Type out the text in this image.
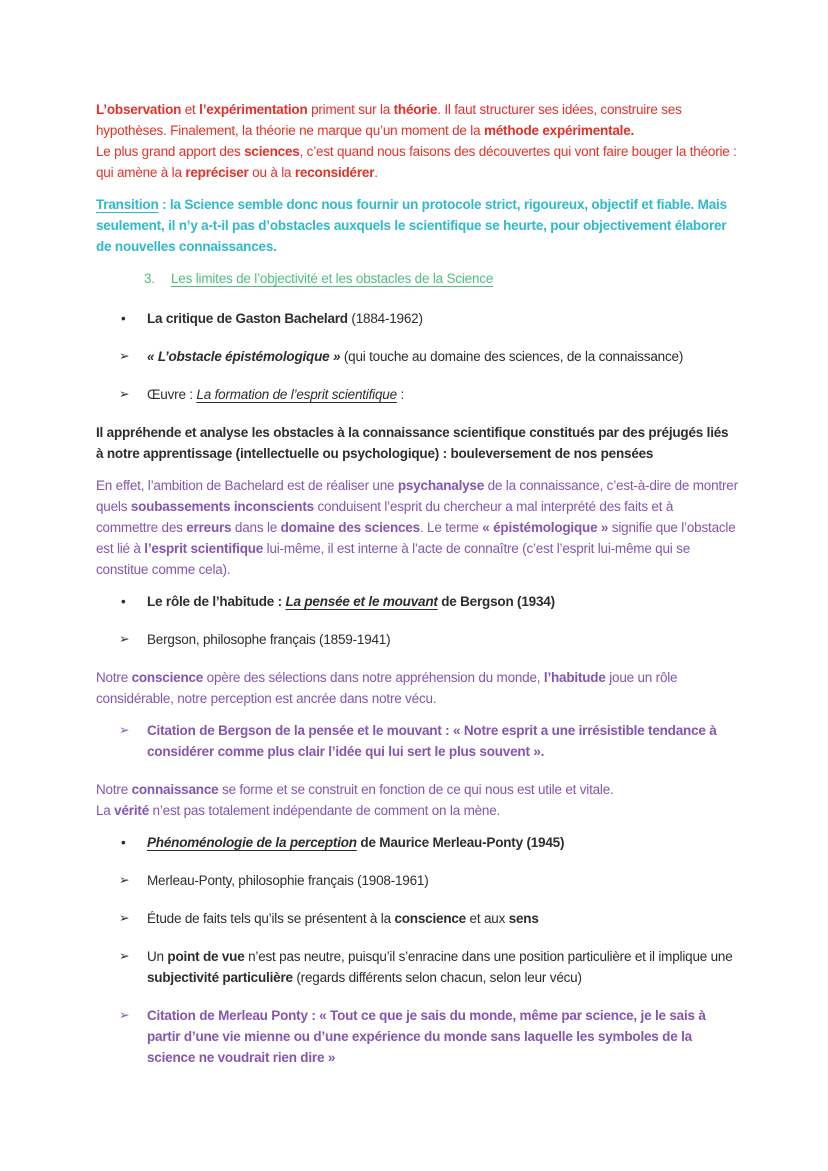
L’observation et l’expérimentation priment sur la théorie. Il faut structurer ses idées, construire ses hypothèses. Finalement, la théorie ne marque qu’un moment de la méthode expérimentale.
Le plus grand apport des sciences, c’est quand nous faisons des découvertes qui vont faire bouger la théorie : qui amène à la repréciser ou à la reconsidérer.
Transition : la Science semble donc nous fournir un protocole strict, rigoureux, objectif et fiable. Mais seulement, il n’y a-t-il pas d’obstacles auxquels le scientifique se heurte, pour objectivement élaborer de nouvelles connaissances.
3. Les limites de l’objectivité et les obstacles de la Science
• La critique de Gaston Bachelard (1884-1962)
➢ « L’obstacle épistémologique » (qui touche au domaine des sciences, de la connaissance)
➢ Œuvre : La formation de l’esprit scientifique :
Il appréhende et analyse les obstacles à la connaissance scientifique constitués par des préjugés liés à notre apprentissage (intellectuelle ou psychologique) : bouleversement de nos pensées
En effet, l’ambition de Bachelard est de réaliser une psychanalyse de la connaissance, c’est-à-dire de montrer quels soubassements inconscients conduisent l’esprit du chercheur a mal interprété des faits et à commettre des erreurs dans le domaine des sciences. Le terme « épistémologique » signifie que l’obstacle est lié à l’esprit scientifique lui-même, il est interne à l’acte de connaître (c’est l’esprit lui-même qui se constitue comme cela).
• Le rôle de l’habitude : La pensée et le mouvant de Bergson (1934)
➢ Bergson, philosophe français (1859-1941)
Notre conscience opère des sélections dans notre appréhension du monde, l’habitude joue un rôle considérable, notre perception est ancrée dans notre vécu.
➢ Citation de Bergson de la pensée et le mouvant : « Notre esprit a une irrésistible tendance à considérer comme plus clair l’idée qui lui sert le plus souvent ».
Notre connaissance se forme et se construit en fonction de ce qui nous est utile et vitale.
La vérité n’est pas totalement indépendante de comment on la mène.
• Phénoménologie de la perception de Maurice Merleau-Ponty (1945)
➢ Merleau-Ponty, philosophie français (1908-1961)
➢ Étude de faits tels qu’ils se présentent à la conscience et aux sens
➢ Un point de vue n’est pas neutre, puisqu’il s’enracine dans une position particulière et il implique une subjectivité particulière (regards différents selon chacun, selon leur vécu)
➢ Citation de Merleau Ponty : « Tout ce que je sais du monde, même par science, je le sais à partir d’une vie mienne ou d’une expérience du monde sans laquelle les symboles de la science ne voudrait rien dire »
